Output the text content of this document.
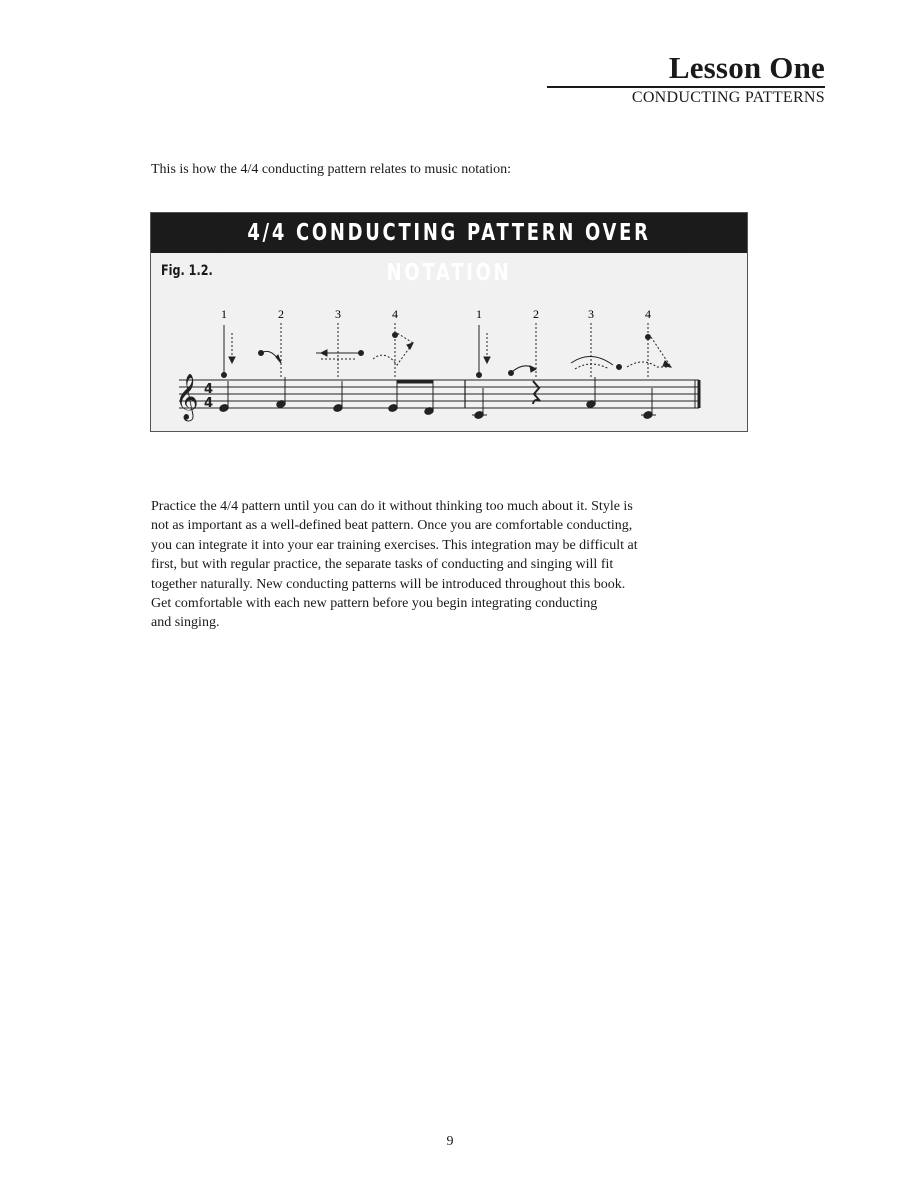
Lesson One
CONDUCTING PATTERNS
This is how the 4/4 conducting pattern relates to music notation:
4/4 CONDUCTING PATTERN OVER NOTATION
Fig. 1.2.
1	2	3	4	1	2	3	4
𝄞 4
4
Practice the 4/4 pattern until you can do it without thinking too much about it. Style is
not as important as a well-defined beat pattern. Once you are comfortable conducting,
you can integrate it into your ear training exercises. This integration may be difficult at
first, but with regular practice, the separate tasks of conducting and singing will fit
together naturally. New conducting patterns will be introduced throughout this book.
Get comfortable with each new pattern before you begin integrating conducting
and singing.
9
